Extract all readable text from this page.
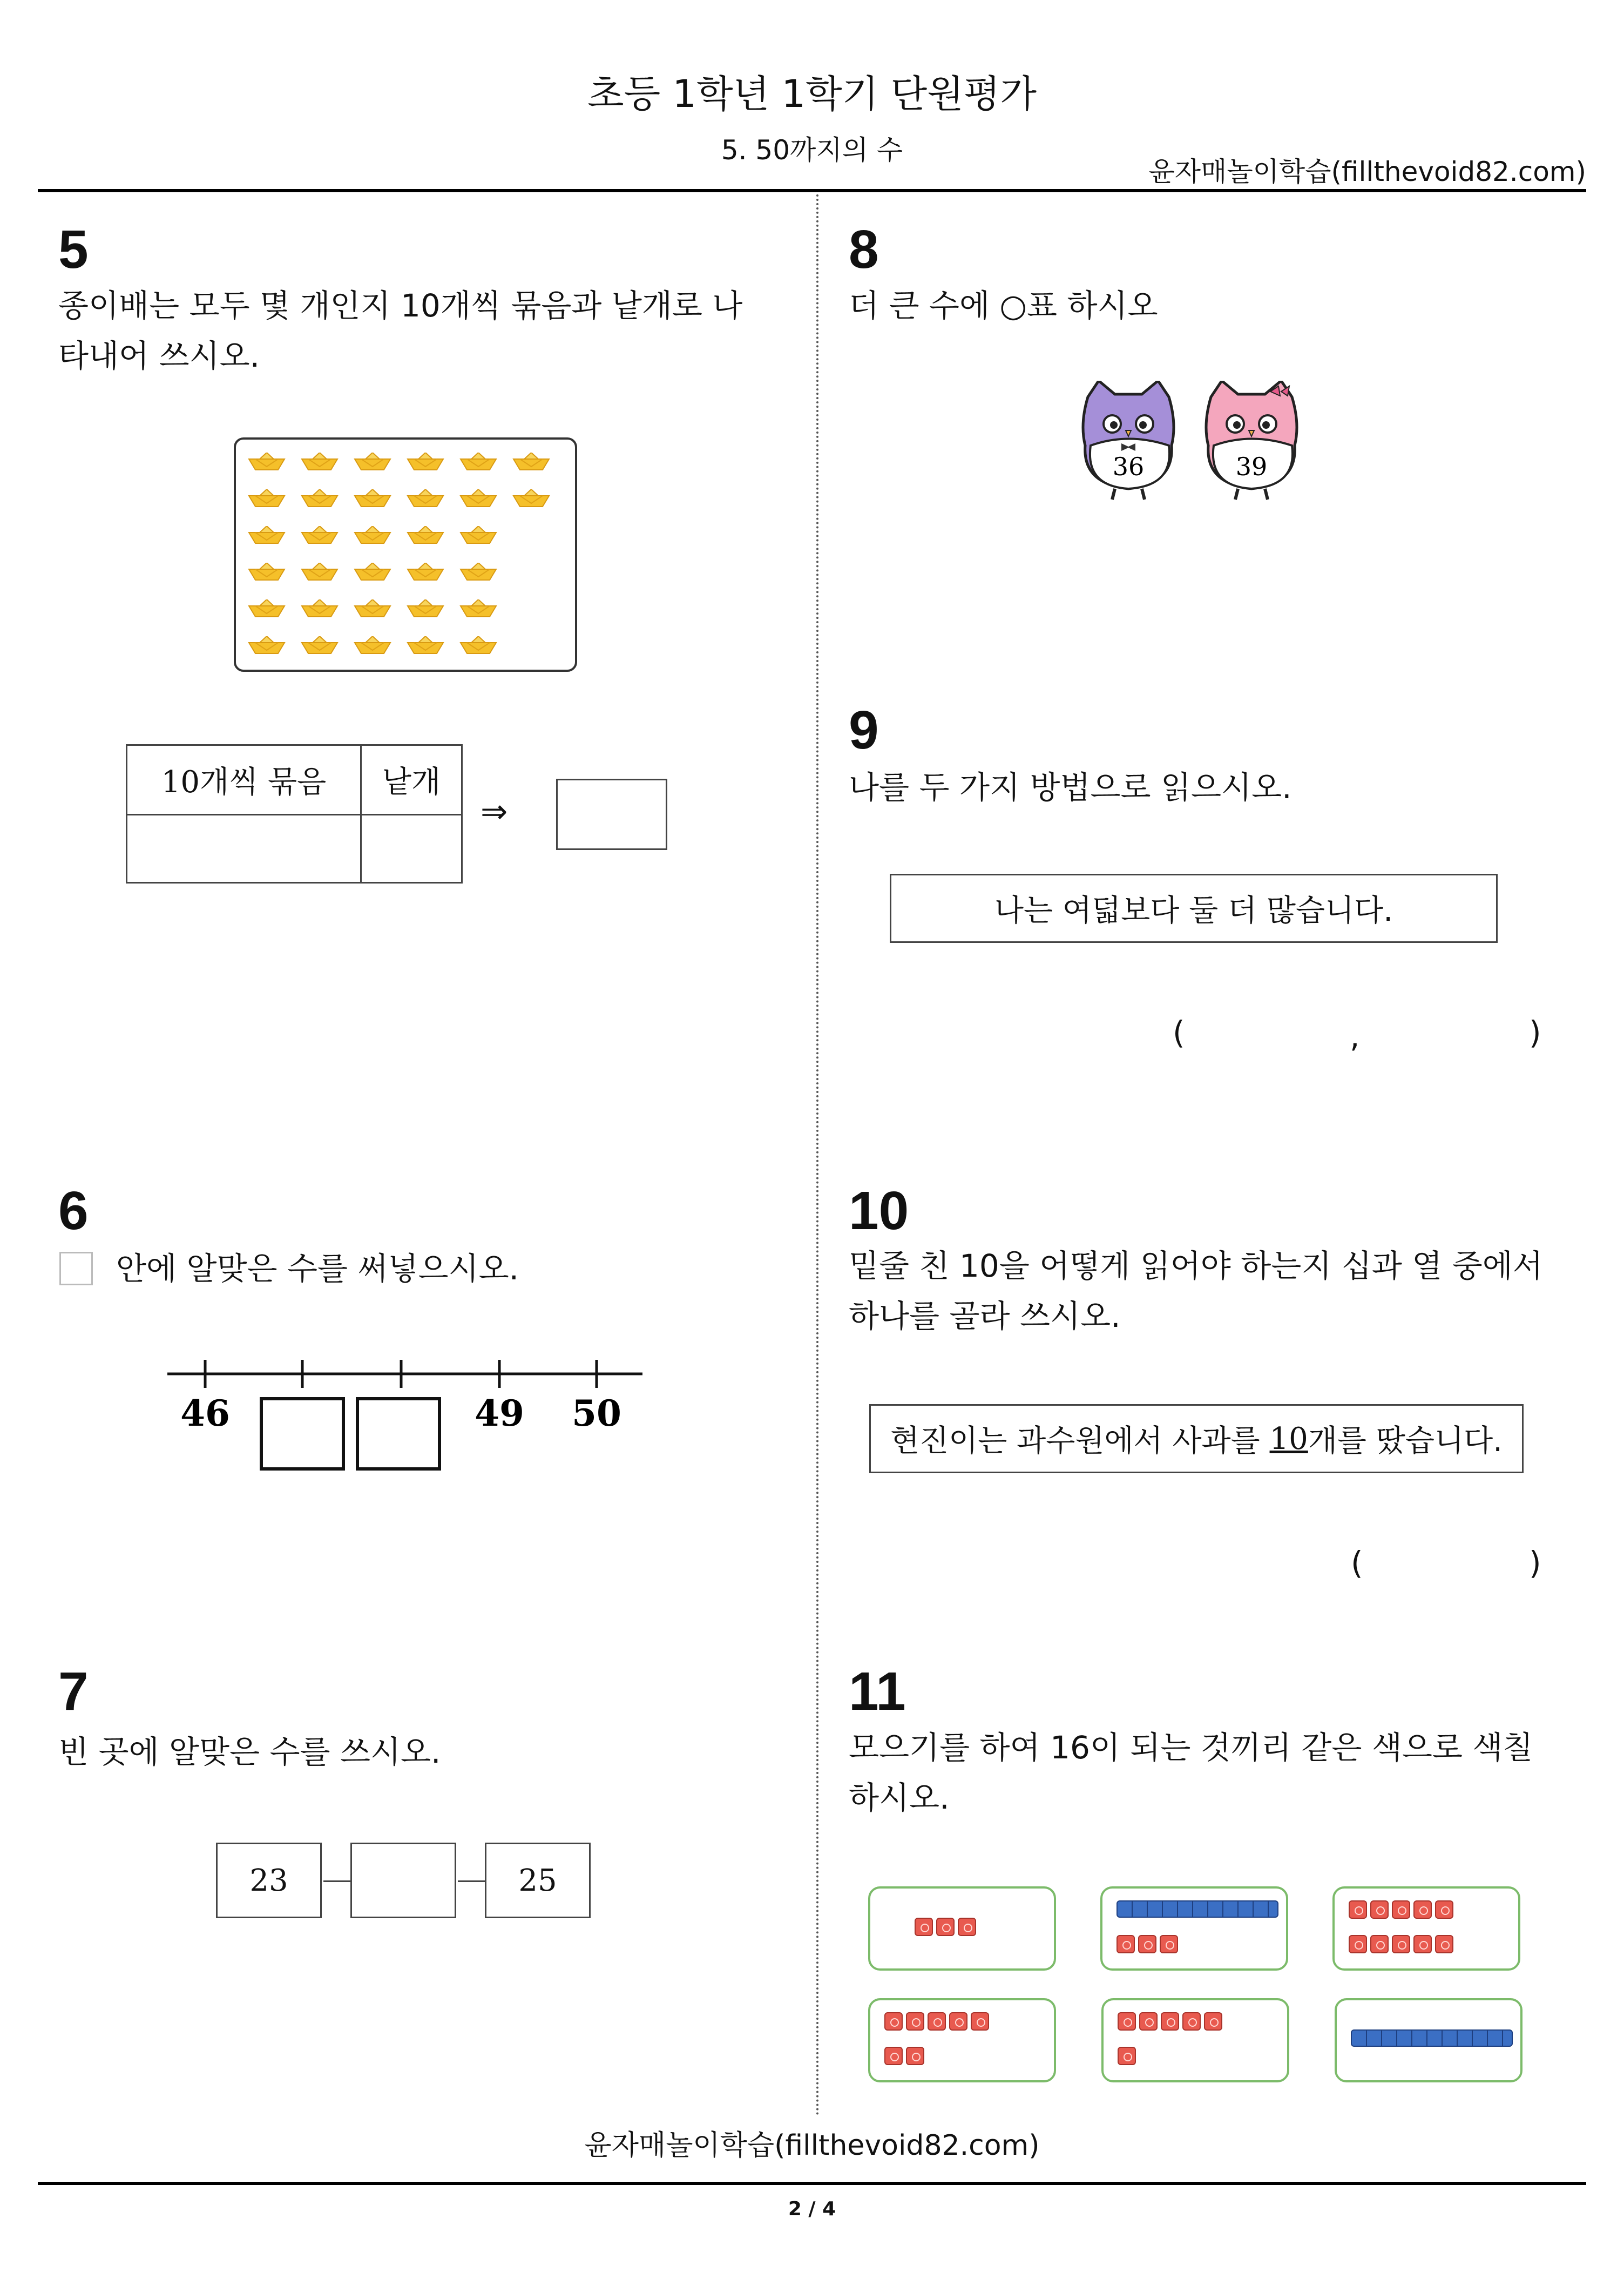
초등 1학년 1학기 단원평가
5. 50까지의 수
윤자매놀이학습(fillthevoid82.com)
5
종이배는 모두 몇 개인지 10개씩 묶음과 낱개로 나
타내어 쓰시오.
10개씩 묶음	낱개
⇒
6
안에 알맞은 수를 써넣으시오.
46	49 50
7
빈 곳에 알맞은 수를 쓰시오.
23	25
8
더 큰 수에 ○표 하시오
36	39
9
나를 두 가지 방법으로 읽으시오.
나는 여덟보다 둘 더 많습니다.
(	,	)
10
밑줄 친 10을 어떻게 읽어야 하는지 십과 열 중에서
하나를 골라 쓰시오.
현진이는 과수원에서 사과를 10 개를 땄습니다.
(	)
11
모으기를 하여 16이 되는 것끼리 같은 색으로 색칠
하시오.
윤자매놀이학습(fillthevoid82.com)
2 / 4
